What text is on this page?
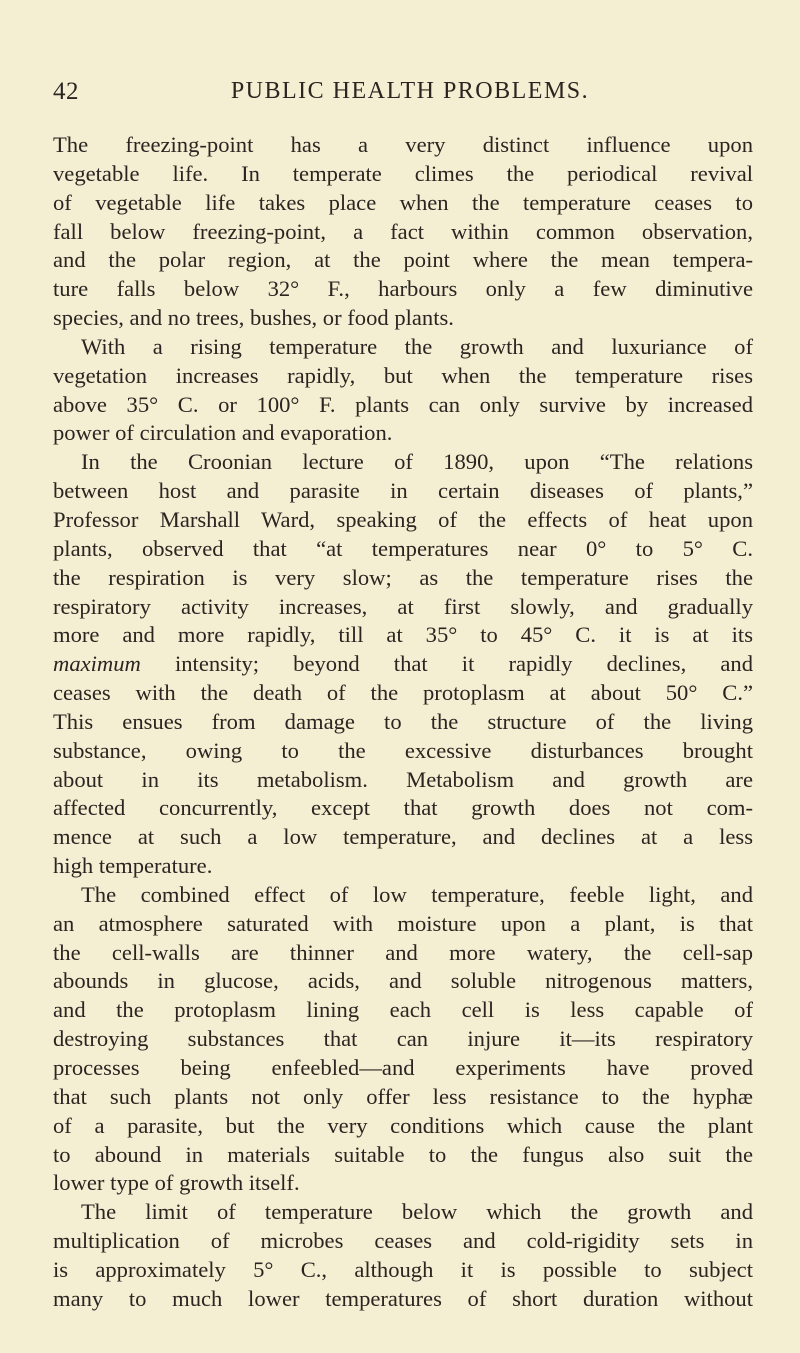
42	PUBLIC HEALTH PROBLEMS.
The freezing-point has a very distinct influence upon
vegetable life. In temperate climes the periodical revival
of vegetable life takes place when the temperature ceases to
fall below freezing-point, a fact within common observation,
and the polar region, at the point where the mean tempera-
ture falls below 32° F., harbours only a few diminutive
species, and no trees, bushes, or food plants.
With a rising temperature the growth and luxuriance of
vegetation increases rapidly, but when the temperature rises
above 35° C. or 100° F. plants can only survive by increased
power of circulation and evaporation.
In the Croonian lecture of 1890, upon “The relations
between host and parasite in certain diseases of plants,”
Professor Marshall Ward, speaking of the effects of heat upon
plants, observed that “at temperatures near 0° to 5° C.
the respiration is very slow; as the temperature rises the
respiratory activity increases, at first slowly, and gradually
more and more rapidly, till at 35° to 45° C. it is at its
maximum intensity; beyond that it rapidly declines, and
ceases with the death of the protoplasm at about 50° C.”
This ensues from damage to the structure of the living
substance, owing to the excessive disturbances brought
about in its metabolism. Metabolism and growth are
affected concurrently, except that growth does not com-
mence at such a low temperature, and declines at a less
high temperature.
The combined effect of low temperature, feeble light, and
an atmosphere saturated with moisture upon a plant, is that
the cell-walls are thinner and more watery, the cell-sap
abounds in glucose, acids, and soluble nitrogenous matters,
and the protoplasm lining each cell is less capable of
destroying substances that can injure it—its respiratory
processes being enfeebled—and experiments have proved
that such plants not only offer less resistance to the hyphæ
of a parasite, but the very conditions which cause the plant
to abound in materials suitable to the fungus also suit the
lower type of growth itself.
The limit of temperature below which the growth and
multiplication of microbes ceases and cold-rigidity sets in
is approximately 5° C., although it is possible to subject
many to much lower temperatures of short duration without
